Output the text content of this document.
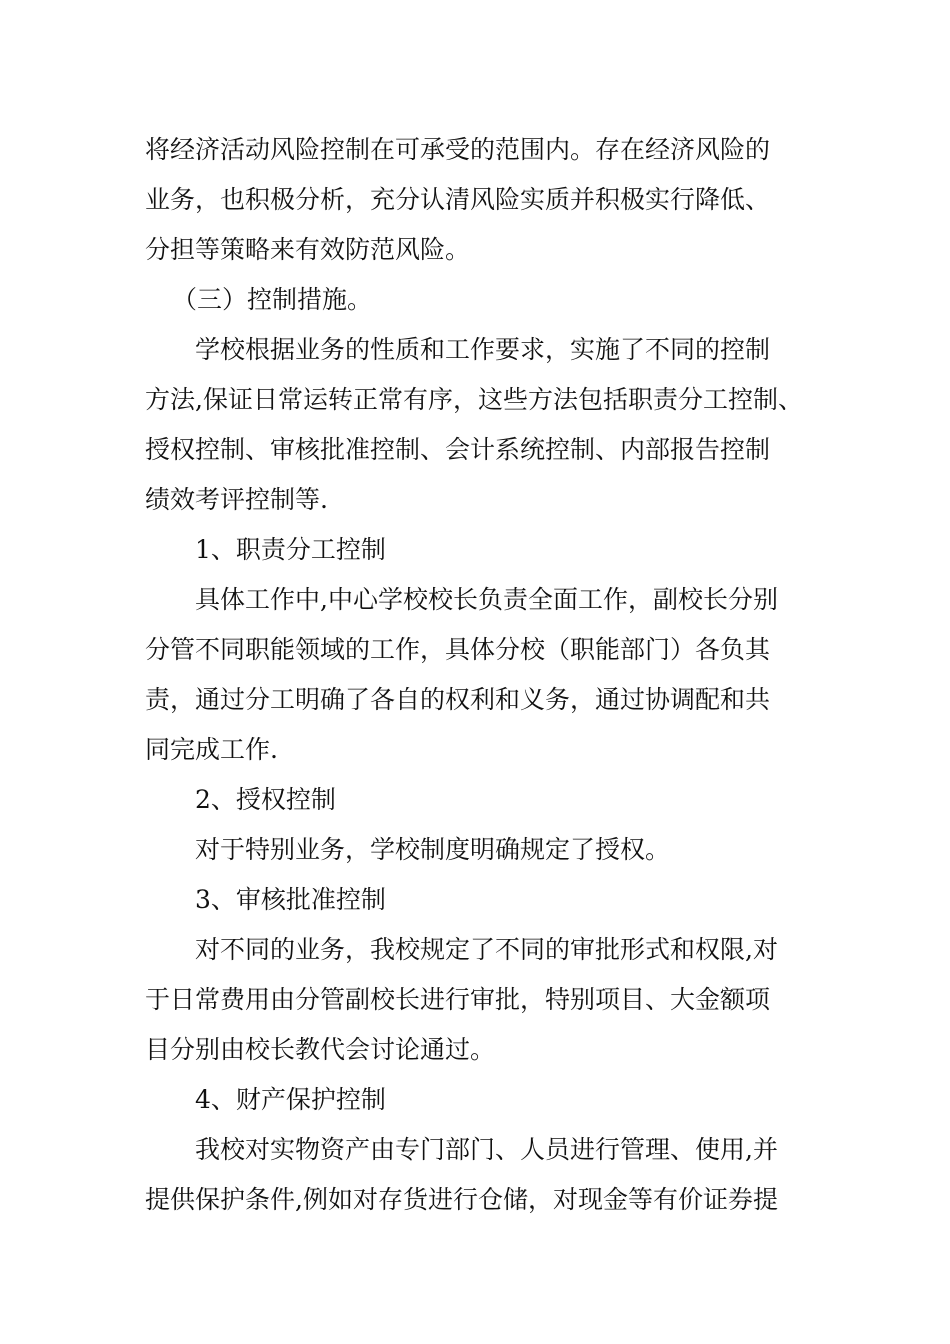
将经济活动风险控制在可承受的范围内。存在经济风险的
业务，也积极分析，充分认清风险实质并积极实行降低、
分担等策略来有效防范风险。
（三）控制措施。
学校根据业务的性质和工作要求，实施了不同的控制
方法,保证日常运转正常有序，这些方法包括职责分工控制、
授权控制、审核批准控制、会计系统控制、内部报告控制
绩效考评控制等.
1、职责分工控制
具体工作中,中心学校校长负责全面工作，副校长分别
分管不同职能领域的工作，具体分校（职能部门）各负其
责，通过分工明确了各自的权利和义务，通过协调配和共
同完成工作.
2、授权控制
对于特别业务，学校制度明确规定了授权。
3、审核批准控制
对不同的业务，我校规定了不同的审批形式和权限,对
于日常费用由分管副校长进行审批，特别项目、大金额项
目分别由校长教代会讨论通过。
4、财产保护控制
我校对实物资产由专门部门、人员进行管理、使用,并
提供保护条件,例如对存货进行仓储，对现金等有价证券提
